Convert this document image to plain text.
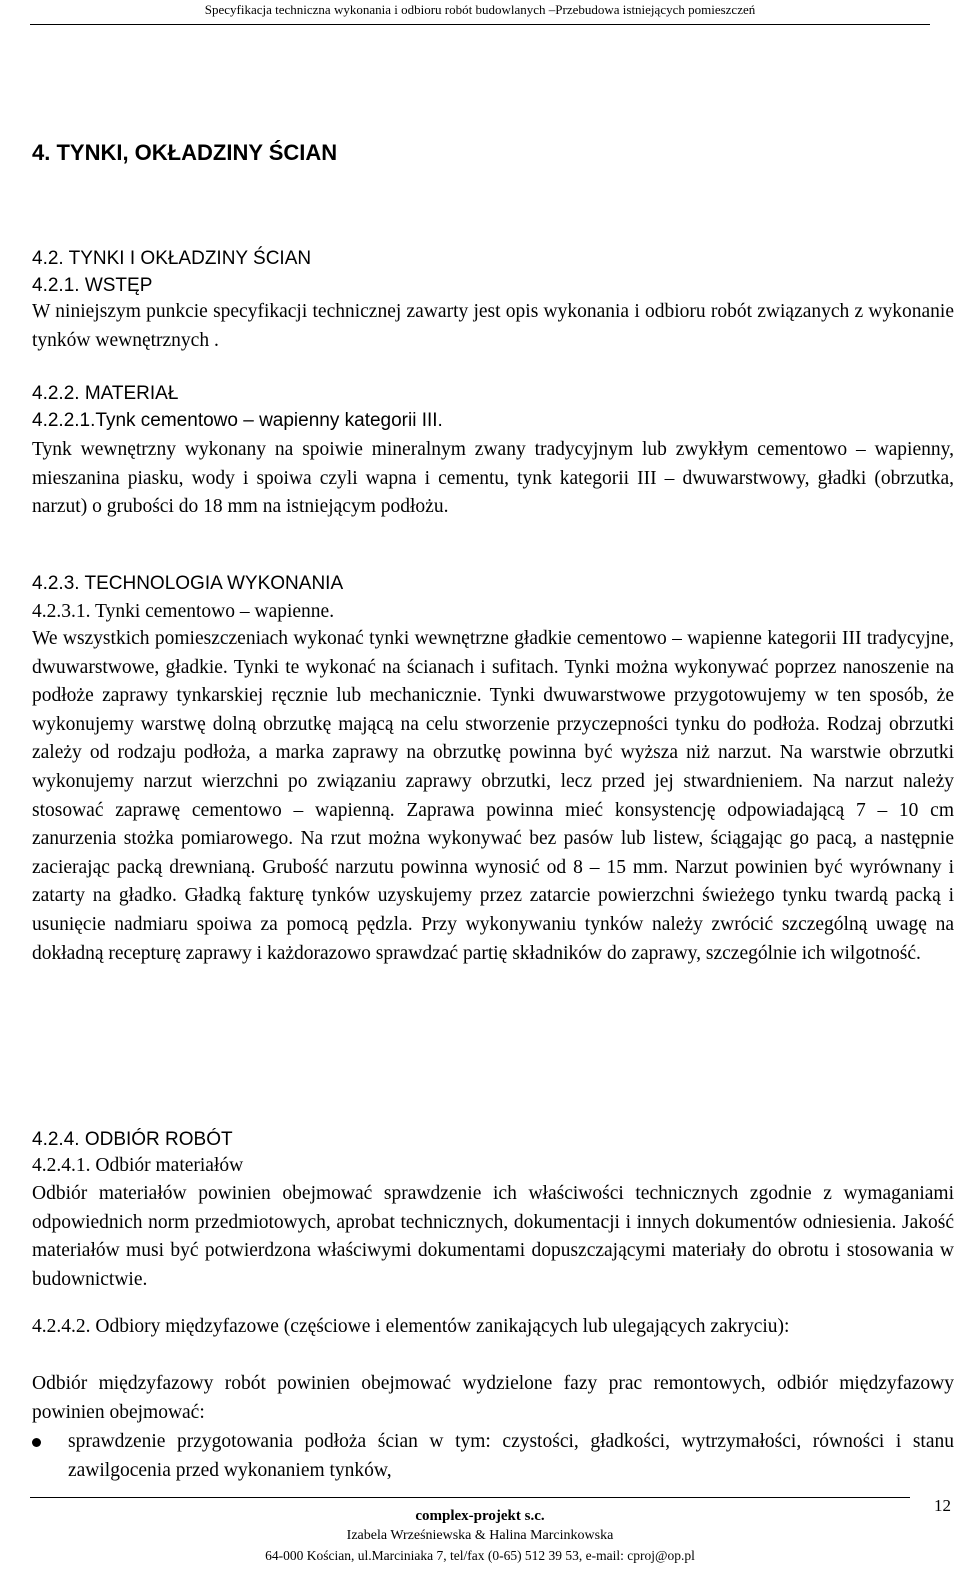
Specyfikacja techniczna wykonania i odbioru robót budowlanych –Przebudowa istniejących pomieszczeń
4. TYNKI, OKŁADZINY ŚCIAN
4.2. TYNKI I OKŁADZINY ŚCIAN
4.2.1. WSTĘP

W niniejszym punkcie specyfikacji technicznej zawarty jest opis wykonania i odbioru robót związanych z wykonanie tynków wewnętrznych .

4.2.2. MATERIAŁ
4.2.2.1.Tynk cementowo – wapienny kategorii III.

Tynk wewnętrzny wykonany na spoiwie mineralnym zwany tradycyjnym lub zwykłym cementowo – wapienny, mieszanina piasku, wody i spoiwa czyli wapna i cementu, tynk kategorii III – dwuwarstwowy, gładki (obrzutka, narzut) o grubości do 18 mm na istniejącym podłożu.

4.2.3. TECHNOLOGIA WYKONANIA
4.2.3.1. Tynki cementowo – wapienne.

We wszystkich pomieszczeniach wykonać tynki wewnętrzne gładkie cementowo – wapienne kategorii III tradycyjne, dwuwarstwowe, gładkie. Tynki te wykonać na ścianach i sufitach. Tynki można wykonywać poprzez nanoszenie na podłoże zaprawy tynkarskiej ręcznie lub mechanicznie. Tynki dwuwarstwowe przygotowujemy w ten sposób, że wykonujemy warstwę dolną obrzutkę mającą na celu stworzenie przyczepności tynku do podłoża. Rodzaj obrzutki zależy od rodzaju podłoża, a marka zaprawy na obrzutkę powinna być wyższa niż narzut. Na warstwie obrzutki wykonujemy narzut wierzchni po związaniu zaprawy obrzutki, lecz przed jej stwardnieniem. Na narzut należy stosować zaprawę cementowo – wapienną. Zaprawa powinna mieć konsystencję odpowiadającą 7 – 10 cm zanurzenia stożka pomiarowego. Na rzut można wykonywać bez pasów lub listew, ściągając go pacą, a następnie zacierając packą drewnianą. Grubość narzutu powinna wynosić od 8 – 15 mm. Narzut powinien być wyrównany i zatarty na gładko. Gładką fakturę tynków uzyskujemy przez zatarcie powierzchni świeżego tynku twardą packą i usunięcie nadmiaru spoiwa za pomocą pędzla. Przy wykonywaniu tynków należy zwrócić szczególną uwagę na dokładną recepturę zaprawy i każdorazowo sprawdzać partię składników do zaprawy, szczególnie ich wilgotność.

4.2.4. ODBIÓR ROBÓT
4.2.4.1. Odbiór materiałów

Odbiór materiałów powinien obejmować sprawdzenie ich właściwości technicznych zgodnie z wymaganiami odpowiednich norm przedmiotowych, aprobat technicznych, dokumentacji i innych dokumentów odniesienia. Jakość materiałów musi być potwierdzona właściwymi dokumentami dopuszczającymi materiały do obrotu i stosowania w budownictwie.

4.2.4.2. Odbiory międzyfazowe (częściowe i elementów zanikających lub ulegających zakryciu):

Odbiór międzyfazowy robót powinien obejmować wydzielone fazy prac remontowych, odbiór międzyfazowy powinien obejmować:

sprawdzenie przygotowania podłoża ścian w tym: czystości, gładkości, wytrzymałości, równości i stanu zawilgocenia przed wykonaniem tynków,

12
complex-projekt s.c.
Izabela Wrześniewska & Halina Marcinkowska
64-000 Kościan, ul.Marciniaka 7, tel/fax (0-65) 512 39 53, e-mail: cproj@op.pl
